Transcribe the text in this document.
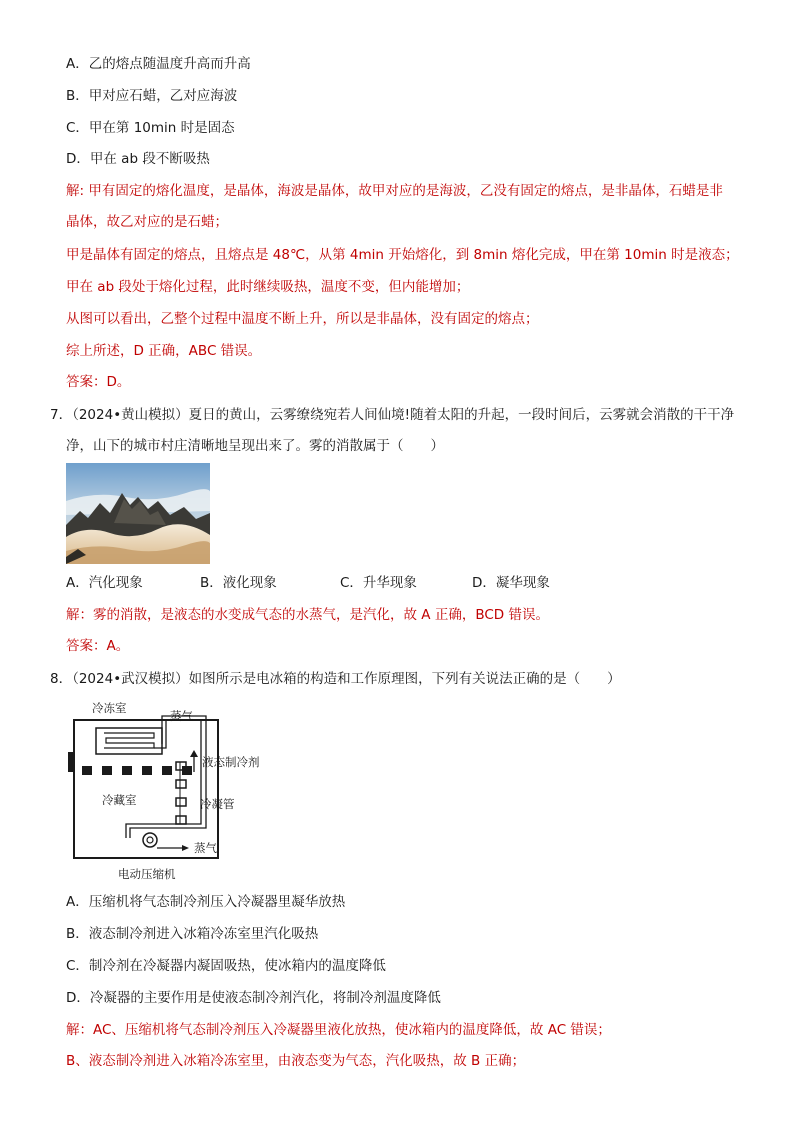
A．乙的熔点随温度升高而升高
B．甲对应石蜡，乙对应海波
C．甲在第 10min 时是固态
D．甲在 ab 段不断吸热
解: 甲有固定的熔化温度，是晶体，海波是晶体，故甲对应的是海波，乙没有固定的熔点，是非晶体，石蜡是非
晶体，故乙对应的是石蜡；
甲是晶体有固定的熔点，且熔点是 48℃，从第 4min 开始熔化，到 8min 熔化完成，甲在第 10min 时是液态；
甲在 ab 段处于熔化过程，此时继续吸热，温度不变，但内能增加；
从图可以看出，乙整个过程中温度不断上升，所以是非晶体，没有固定的熔点；
综上所述，D 正确，ABC 错误。
答案：D。
7．（2024•黄山模拟）夏日的黄山，云雾缭绕宛若人间仙境!随着太阳的升起，一段时间后，云雾就会消散的干干净
净，山下的城市村庄清晰地呈现出来了。雾的消散属于（　　）
A．汽化现象	B．液化现象	C．升华现象	D．凝华现象
解：雾的消散，是液态的水变成气态的水蒸气，是汽化，故 A 正确，BCD 错误。
答案：A。
8．（2024•武汉模拟）如图所示是电冰箱的构造和工作原理图，下列有关说法正确的是（　　）
冷冻室
蒸气
液态制冷剂
冷藏室	冷凝管
蒸气
电动压缩机
A．压缩机将气态制冷剂压入冷凝器里凝华放热
B．液态制冷剂进入冰箱冷冻室里汽化吸热
C．制冷剂在冷凝器内凝固吸热，使冰箱内的温度降低
D．冷凝器的主要作用是使液态制冷剂汽化，将制冷剂温度降低
解：AC、压缩机将气态制冷剂压入冷凝器里液化放热，使冰箱内的温度降低，故 AC 错误；
B、液态制冷剂进入冰箱冷冻室里，由液态变为气态，汽化吸热，故 B 正确；
